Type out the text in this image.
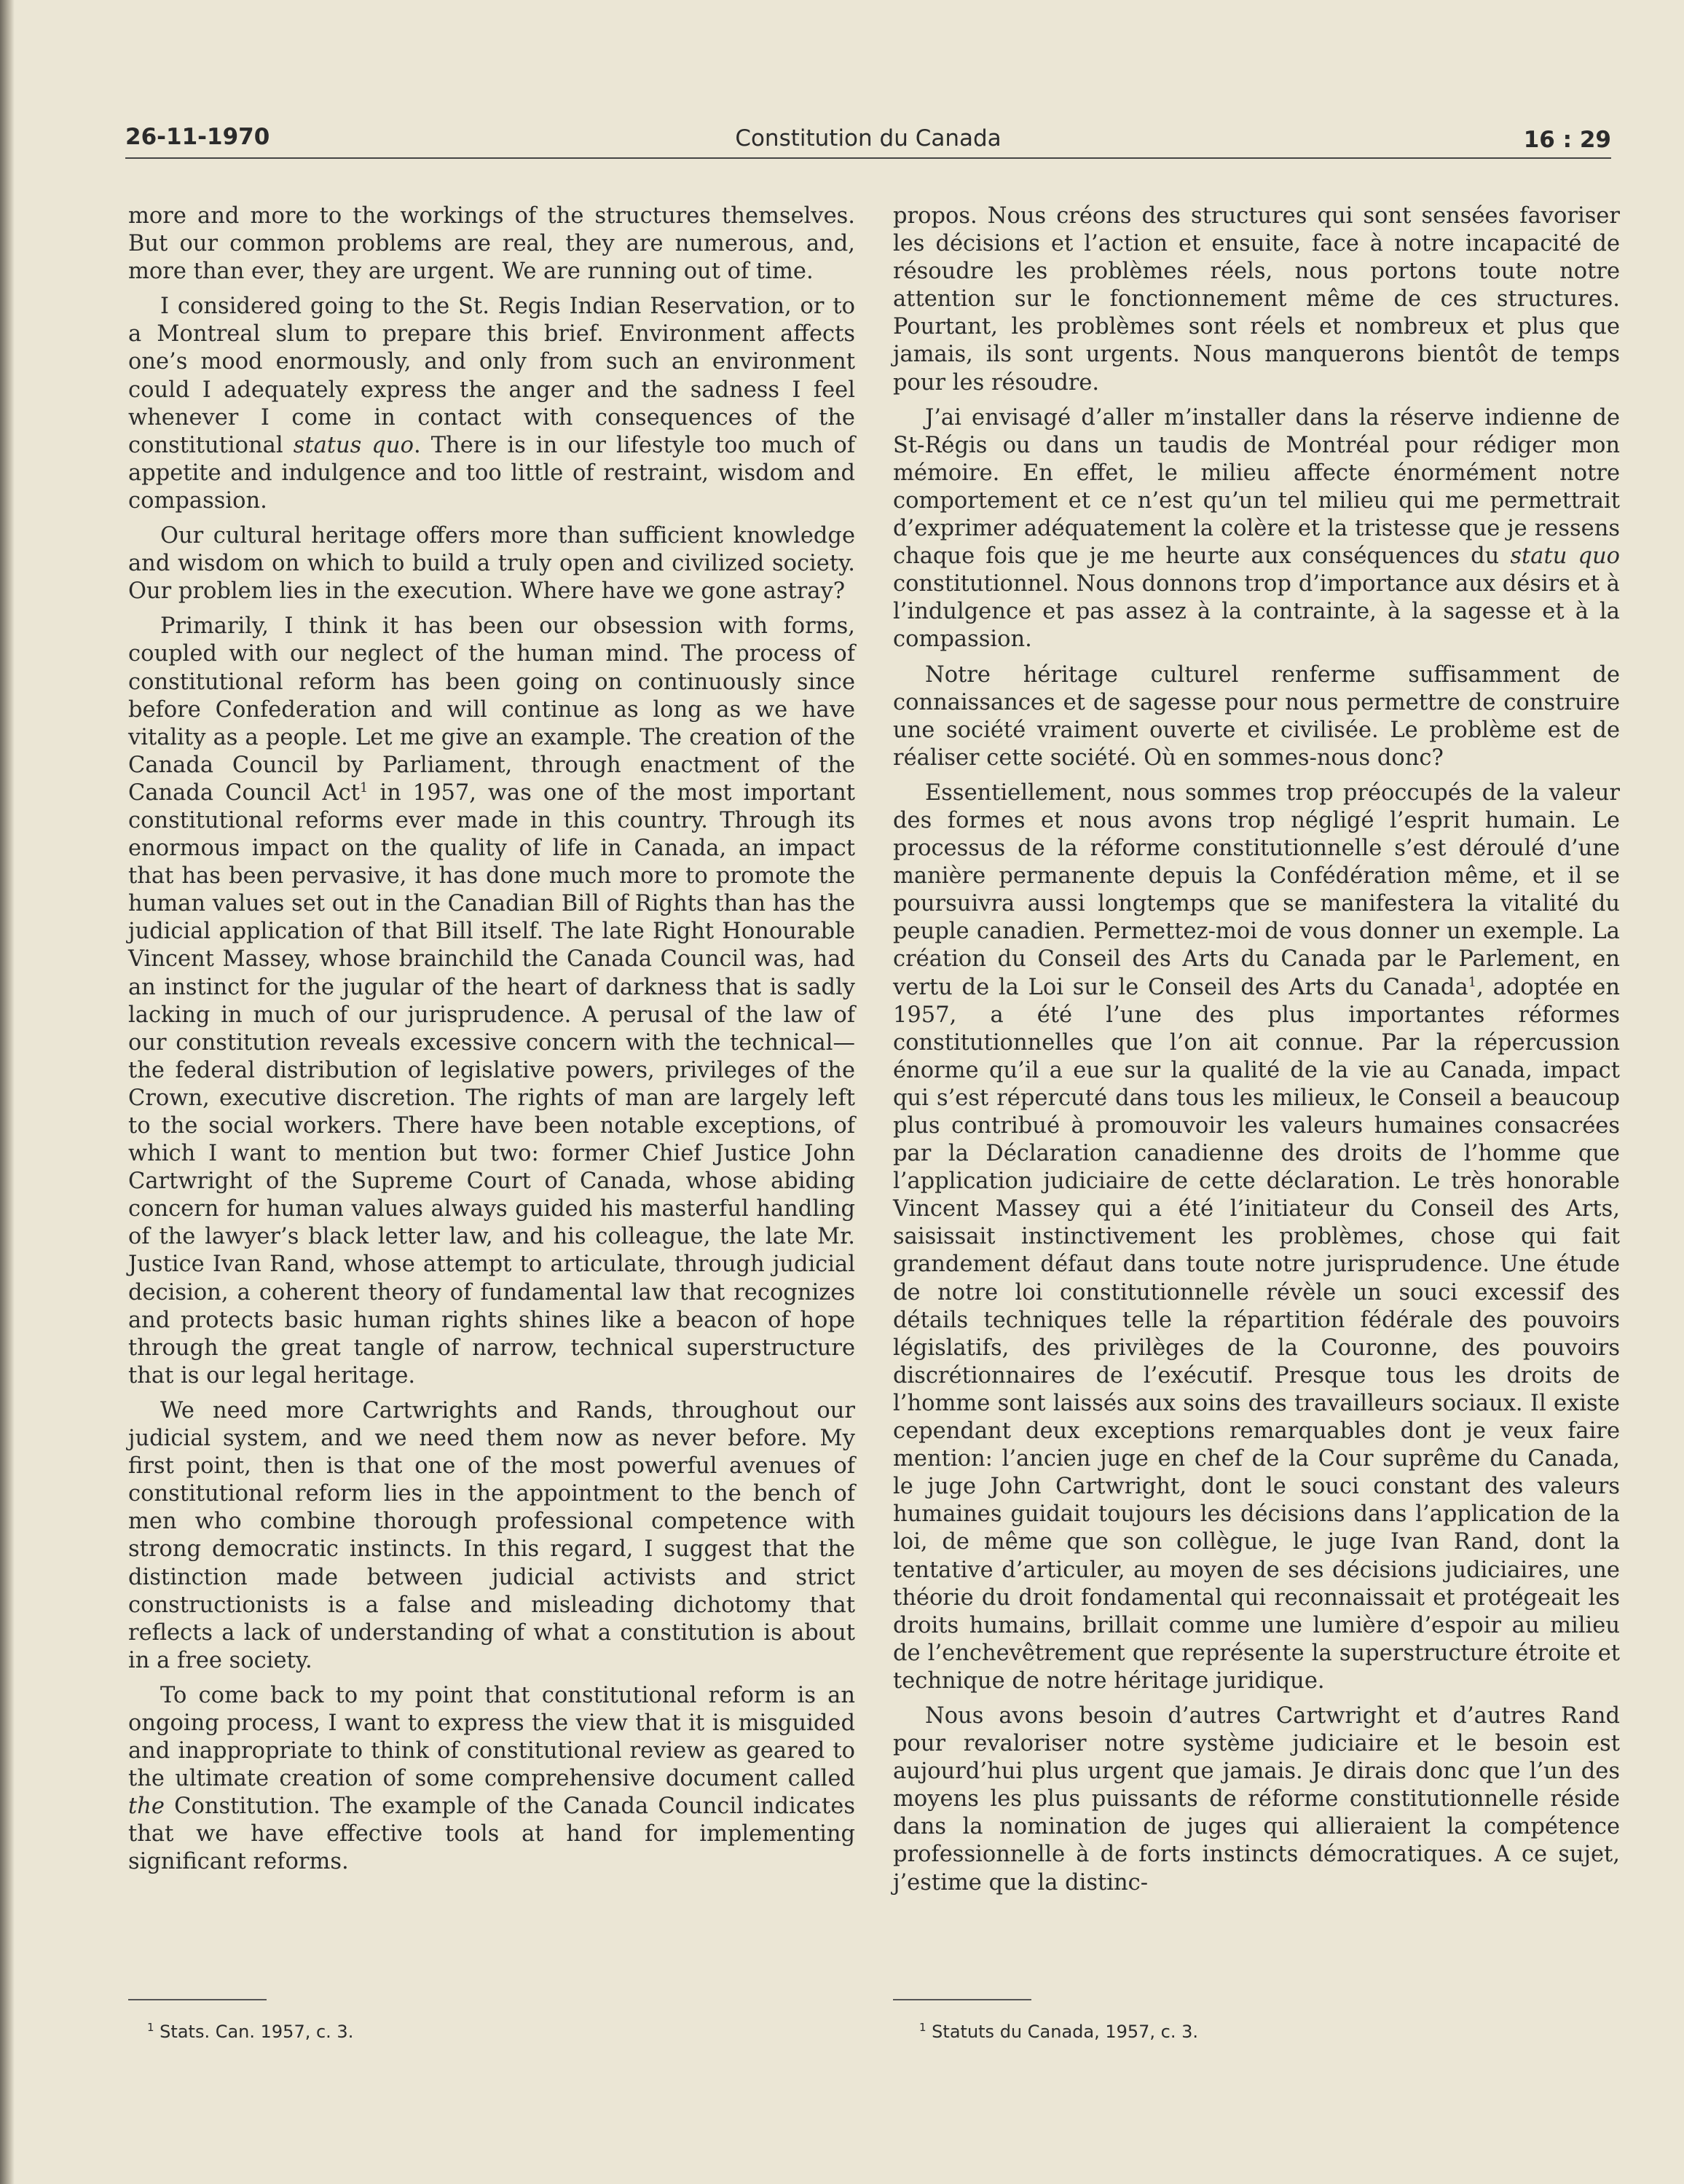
26-11-1970	Constitution du Canada	16 : 29

more and more to the workings of the structures themselves. But our common problems are real, they are numerous, and, more than ever, they are urgent. We are running out of time.

I considered going to the St. Regis Indian Reservation, or to a Montreal slum to prepare this brief. Environment affects one’s mood enormously, and only from such an environment could I adequately express the anger and the sadness I feel whenever I come in contact with consequences of the constitutional status quo. There is in our lifestyle too much of appetite and indulgence and too little of restraint, wisdom and compassion.

Our cultural heritage offers more than sufficient knowledge and wisdom on which to build a truly open and civilized society. Our problem lies in the execution. Where have we gone astray?

Primarily, I think it has been our obsession with forms, coupled with our neglect of the human mind. The process of constitutional reform has been going on continuously since before Confederation and will continue as long as we have vitality as a people. Let me give an example. The creation of the Canada Council by Parliament, through enactment of the Canada Council Act$^1$ in 1957, was one of the most important constitutional reforms ever made in this country. Through its enormous impact on the quality of life in Canada, an impact that has been pervasive, it has done much more to promote the human values set out in the Canadian Bill of Rights than has the judicial application of that Bill itself. The late Right Honourable Vincent Massey, whose brainchild the Canada Council was, had an instinct for the jugular of the heart of darkness that is sadly lacking in much of our jurisprudence. A perusal of the law of our constitution reveals excessive concern with the technical—the federal distribution of legislative powers, privileges of the Crown, executive discretion. The rights of man are largely left to the social workers. There have been notable exceptions, of which I want to mention but two: former Chief Justice John Cartwright of the Supreme Court of Canada, whose abiding concern for human values always guided his masterful handling of the lawyer’s black letter law, and his colleague, the late Mr. Justice Ivan Rand, whose attempt to articulate, through judicial decision, a coherent theory of fundamental law that recognizes and protects basic human rights shines like a beacon of hope through the great tangle of narrow, technical superstructure that is our legal heritage.

We need more Cartwrights and Rands, throughout our judicial system, and we need them now as never before. My first point, then is that one of the most powerful avenues of constitutional reform lies in the appointment to the bench of men who combine thorough professional competence with strong democratic instincts. In this regard, I suggest that the distinction made between judicial activists and strict constructionists is a false and misleading dichotomy that reflects a lack of understanding of what a constitution is about in a free society.

To come back to my point that constitutional reform is an ongoing process, I want to express the view that it is misguided and inappropriate to think of constitutional review as geared to the ultimate creation of some comprehensive document called the Constitution. The example of the Canada Council indicates that we have effective tools at hand for implementing significant reforms.

propos. Nous créons des structures qui sont sensées favoriser les décisions et l’action et ensuite, face à notre incapacité de résoudre les problèmes réels, nous portons toute notre attention sur le fonctionnement même de ces structures. Pourtant, les problèmes sont réels et nombreux et plus que jamais, ils sont urgents. Nous manquerons bientôt de temps pour les résoudre.

J’ai envisagé d’aller m’installer dans la réserve indienne de St-Régis ou dans un taudis de Montréal pour rédiger mon mémoire. En effet, le milieu affecte énormément notre comportement et ce n’est qu’un tel milieu qui me permettrait d’exprimer adéquatement la colère et la tristesse que je ressens chaque fois que je me heurte aux conséquences du statu quo constitutionnel. Nous donnons trop d’importance aux désirs et à l’indulgence et pas assez à la contrainte, à la sagesse et à la compassion.

Notre héritage culturel renferme suffisamment de connaissances et de sagesse pour nous permettre de construire une société vraiment ouverte et civilisée. Le problème est de réaliser cette société. Où en sommes-nous donc?

Essentiellement, nous sommes trop préoccupés de la valeur des formes et nous avons trop négligé l’esprit humain. Le processus de la réforme constitutionnelle s’est déroulé d’une manière permanente depuis la Confédération même, et il se poursuivra aussi longtemps que se manifestera la vitalité du peuple canadien. Permettez-moi de vous donner un exemple. La création du Conseil des Arts du Canada par le Parlement, en vertu de la Loi sur le Conseil des Arts du Canada$^1$, adoptée en 1957, a été l’une des plus importantes réformes constitutionnelles que l’on ait connue. Par la répercussion énorme qu’il a eue sur la qualité de la vie au Canada, impact qui s’est répercuté dans tous les milieux, le Conseil a beaucoup plus contribué à promouvoir les valeurs humaines consacrées par la Déclaration canadienne des droits de l’homme que l’application judiciaire de cette déclaration. Le très honorable Vincent Massey qui a été l’initiateur du Conseil des Arts, saisissait instinctivement les problèmes, chose qui fait grandement défaut dans toute notre jurisprudence. Une étude de notre loi constitutionnelle révèle un souci excessif des détails techniques telle la répartition fédérale des pouvoirs législatifs, des privilèges de la Couronne, des pouvoirs discrétionnaires de l’exécutif. Presque tous les droits de l’homme sont laissés aux soins des travailleurs sociaux. Il existe cependant deux exceptions remarquables dont je veux faire mention: l’ancien juge en chef de la Cour suprême du Canada, le juge John Cartwright, dont le souci constant des valeurs humaines guidait toujours les décisions dans l’application de la loi, de même que son collègue, le juge Ivan Rand, dont la tentative d’articuler, au moyen de ses décisions judiciaires, une théorie du droit fondamental qui reconnaissait et protégeait les droits humains, brillait comme une lumière d’espoir au milieu de l’enchevêtrement que représente la superstructure étroite et technique de notre héritage juridique.

Nous avons besoin d’autres Cartwright et d’autres Rand pour revaloriser notre système judiciaire et le besoin est aujourd’hui plus urgent que jamais. Je dirais donc que l’un des moyens les plus puissants de réforme constitutionnelle réside dans la nomination de juges qui allieraient la compétence professionnelle à de forts instincts démocratiques. A ce sujet, j’estime que la distinc-

$^1$ Stats. Can. 1957, c. 3.	$^1$ Statuts du Canada, 1957, c. 3.
